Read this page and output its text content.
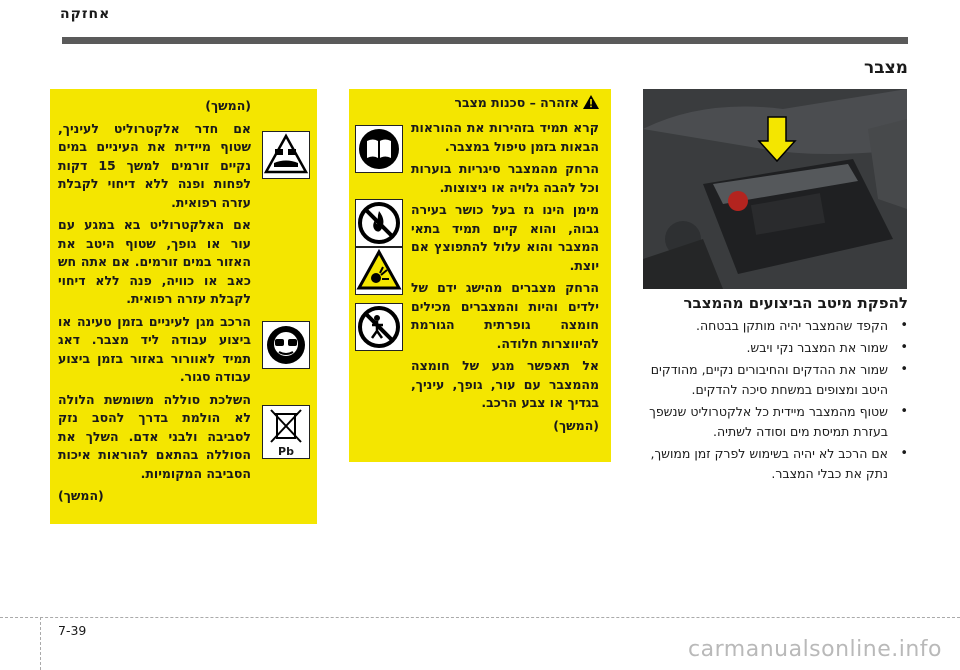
אחזקה
מצבר
להפקת מיטב הביצועים מהמצבר
•
הקפד שהמצבר יהיה מותקן בבטחה.
•
שמור את המצבר נקי ויבש.
•
שמור את ההדקים והחיבורים נקיים, מהודקים היטב ומצופים במשחת סיכה להדקים.
•
שטוף מהמצבר מיידית כל אלקטרוליט שנשפך בעזרת תמיסת מים וסודה לשתיה.
•
אם הרכב לא יהיה בשימוש לפרק זמן ממושך, נתק את כבלי המצבר.
אזהרה – סכנות מצבר

קרא תמיד בזהירות את ההוראות הבאות בזמן טיפול במצבר.

הרחק מהמצבר סיגריות בוערות וכל להבה גלויה או ניצוצות.

מימן הינו גז בעל כושר בעירה גבוה, והוא קיים תמיד בתאי המצבר והוא עלול להתפוצץ אם יוצת.

הרחק מצברים מהישג ידם של ילדים והיות והמצברים מכילים חומצה גופרתית הגורמת להיווצרות חלודה.

אל תאפשר מגע של חומצה מהמצבר עם עור, גופך, עיניך, בגדיך או צבע הרכב.

(המשך)

Pb

(המשך)

אם חדר אלקטרוליט לעיניך, שטוף מיידית את העיניים במים נקיים זורמים למשך 15 דקות לפחות ופנה ללא דיחוי לקבלת עזרה רפואית.

אם האלקטרוליט בא במגע עם עור או גופך, שטוף היטב את האזור במים זורמים. אם אתה חש כאב או כוויה, פנה ללא דיחוי לקבלת עזרה רפואית.

הרכב מגן לעיניים בזמן טעינה או ביצוע עבודה ליד מצבר. דאג תמיד לאוורור באזור בזמן ביצוע עבודה סגור.

השלכת סוללה משומשת הלולה לא הולמת בדרך להסב נזק לסביבה ולבני אדם. השלך את הסוללה בהתאם להוראות איכות הסביבה המקומיות.

(המשך)

7-39
carmanualsonline.info
